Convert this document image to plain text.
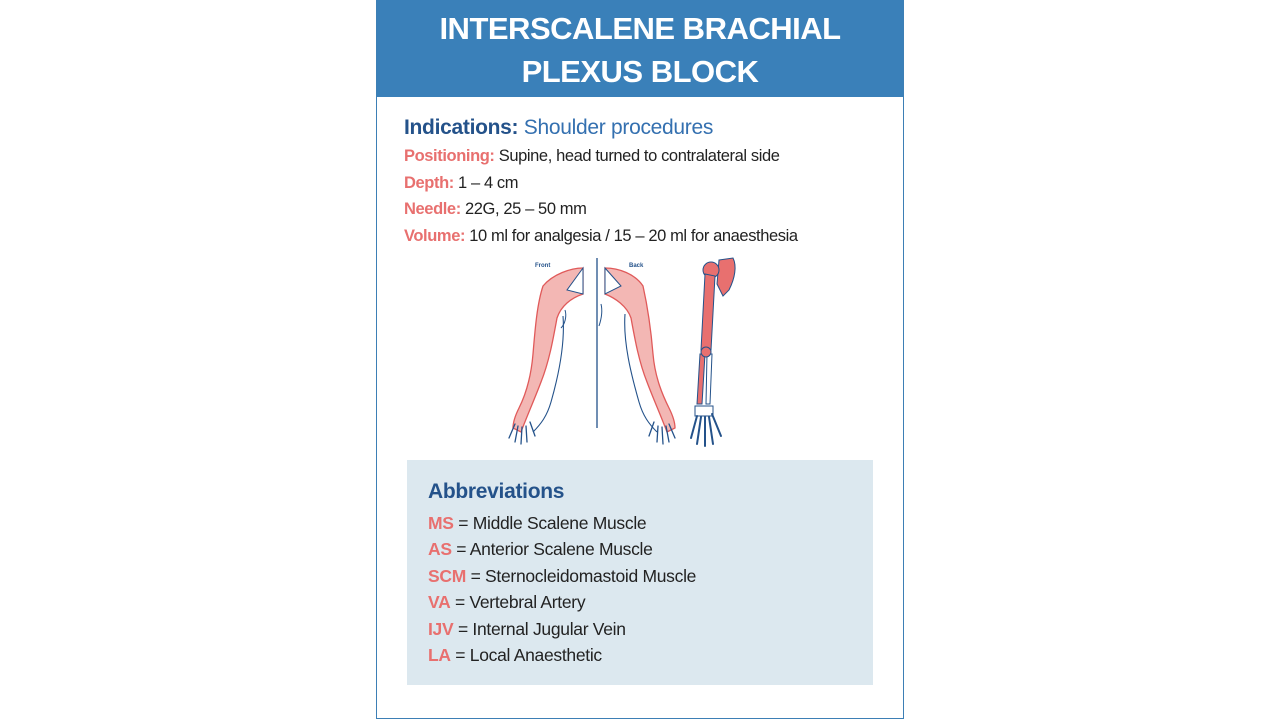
INTERSCALENE BRACHIAL
PLEXUS BLOCK
Indications: Shoulder procedures
Positioning: Supine, head turned to contralateral side
Depth: 1 – 4 cm
Needle: 22G, 25 – 50 mm
Volume: 10 ml for analgesia / 15 – 20 ml for anaesthesia
Front	Back
Abbreviations
MS = Middle Scalene Muscle
AS = Anterior Scalene Muscle
SCM = Sternocleidomastoid Muscle
VA = Vertebral Artery
IJV = Internal Jugular Vein
LA = Local Anaesthetic
